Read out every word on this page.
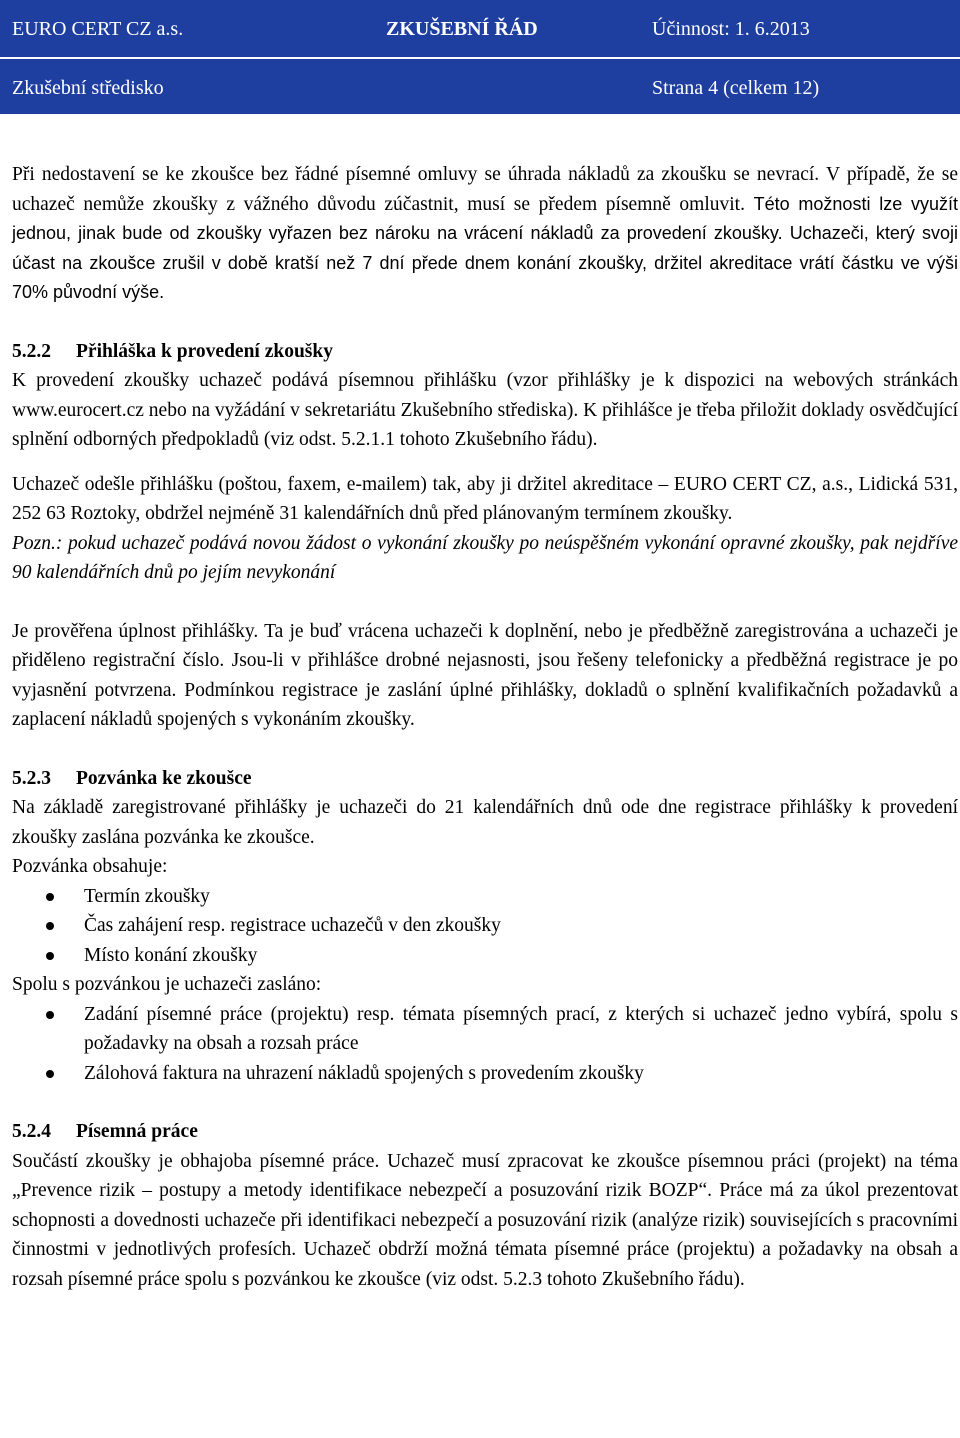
EURO CERT CZ a.s.	ZKUŠEBNÍ ŘÁD	Účinnost: 1. 6.2013
Zkušební středisko	Strana 4 (celkem 12)

Při nedostavení se ke zkoušce bez řádné písemné omluvy se úhrada nákladů za zkoušku se nevrací. V případě, že se uchazeč nemůže zkoušky z vážného důvodu zúčastnit, musí se předem písemně omluvit. Této možnosti lze využít jednou, jinak bude od zkoušky vyřazen bez nároku na vrácení nákladů za provedení zkoušky. Uchazeči, který svoji účast na zkoušce zrušil v době kratší než 7 dní přede dnem konání zkoušky, držitel akreditace vrátí částku ve výši 70% původní výše.

5.2.2 Přihláška k provedení zkoušky

K provedení zkoušky uchazeč podává písemnou přihlášku (vzor přihlášky je k dispozici na webových stránkách www.eurocert.cz nebo na vyžádání v sekretariátu Zkušebního střediska). K přihlášce je třeba přiložit doklady osvědčující splnění odborných předpokladů (viz odst. 5.2.1.1 tohoto Zkušebního řádu).

Uchazeč odešle přihlášku (poštou, faxem, e-mailem) tak, aby ji držitel akreditace – EURO CERT CZ, a.s., Lidická 531, 252 63 Roztoky, obdržel nejméně 31 kalendářních dnů před plánovaným termínem zkoušky.

Pozn.: pokud uchazeč podává novou žádost o vykonání zkoušky po neúspěšném vykonání opravné zkoušky, pak nejdříve 90 kalendářních dnů po jejím nevykonání

Je prověřena úplnost přihlášky. Ta je buď vrácena uchazeči k doplnění, nebo je předběžně zaregistrována a uchazeči je přiděleno registrační číslo. Jsou-li v přihlášce drobné nejasnosti, jsou řešeny telefonicky a předběžná registrace je po vyjasnění potvrzena. Podmínkou registrace je zaslání úplné přihlášky, dokladů o splnění kvalifikačních požadavků a zaplacení nákladů spojených s vykonáním zkoušky.

5.2.3 Pozvánka ke zkoušce

Na základě zaregistrované přihlášky je uchazeči do 21 kalendářních dnů ode dne registrace přihlášky k provedení zkoušky zaslána pozvánka ke zkoušce.

Pozvánka obsahuje:

Termín zkoušky
Čas zahájení resp. registrace uchazečů v den zkoušky
Místo konání zkoušky

Spolu s pozvánkou je uchazeči zasláno:

Zadání písemné práce (projektu) resp. témata písemných prací, z kterých si uchazeč jedno vybírá, spolu s požadavky na obsah a rozsah práce
Zálohová faktura na uhrazení nákladů spojených s provedením zkoušky

5.2.4 Písemná práce

Součástí zkoušky je obhajoba písemné práce. Uchazeč musí zpracovat ke zkoušce písemnou práci (projekt) na téma „Prevence rizik – postupy a metody identifikace nebezpečí a posuzování rizik BOZP“. Práce má za úkol prezentovat schopnosti a dovednosti uchazeče při identifikaci nebezpečí a posuzování rizik (analýze rizik) souvisejících s pracovními činnostmi v jednotlivých profesích. Uchazeč obdrží možná témata písemné práce (projektu) a požadavky na obsah a rozsah písemné práce spolu s pozvánkou ke zkoušce (viz odst. 5.2.3 tohoto Zkušebního řádu).
